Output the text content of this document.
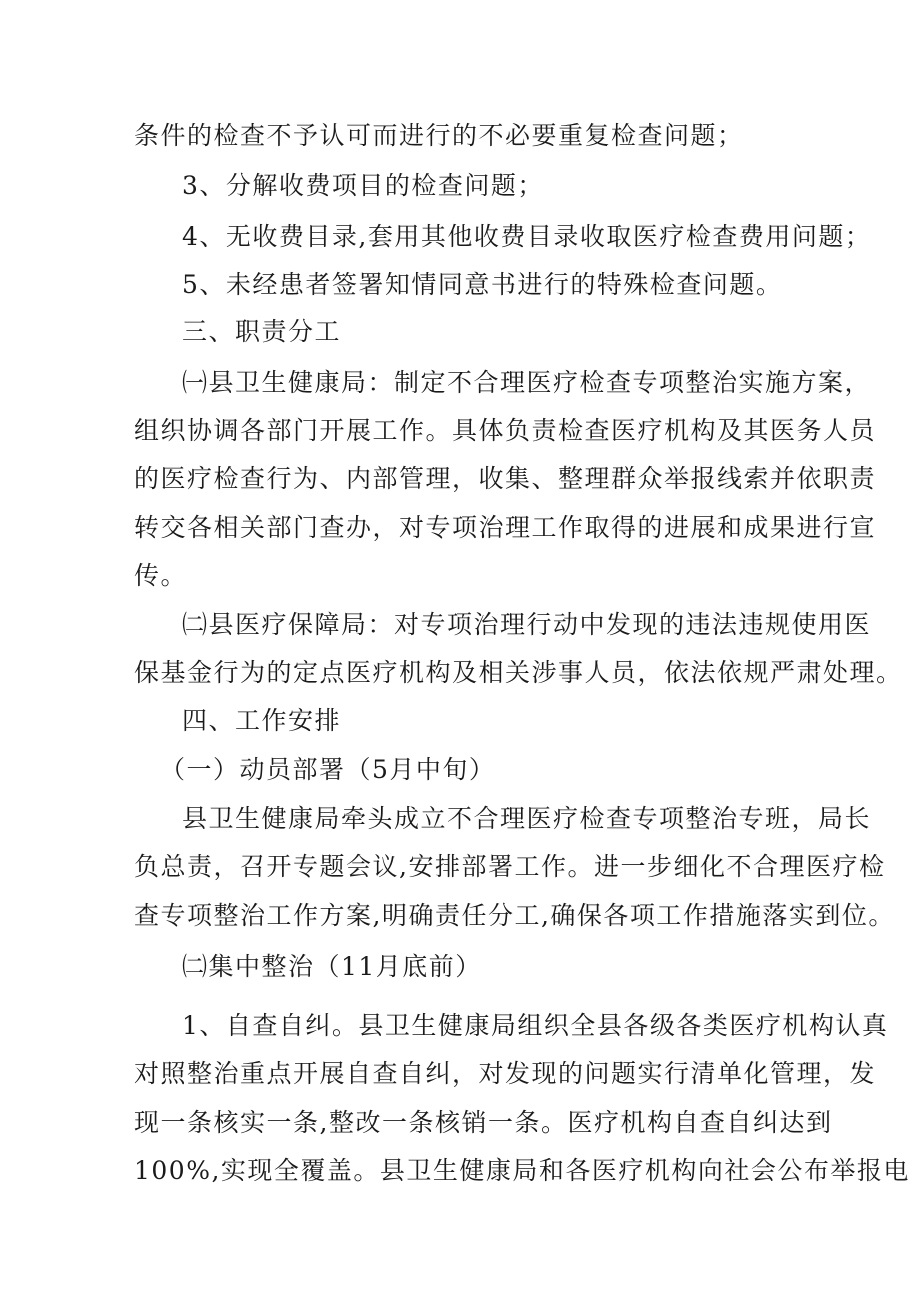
条件的检查不予认可而进行的不必要重复检查问题；
3、分解收费项目的检查问题；
4、无收费目录,套用其他收费目录收取医疗检查费用问题；
5、未经患者签署知情同意书进行的特殊检查问题。
三、职责分工
㈠县卫生健康局：制定不合理医疗检查专项整治实施方案，
组织协调各部门开展工作。具体负责检查医疗机构及其医务人员
的医疗检查行为、内部管理，收集、整理群众举报线索并依职责
转交各相关部门查办，对专项治理工作取得的进展和成果进行宣
传。
㈡县医疗保障局：对专项治理行动中发现的违法违规使用医
保基金行为的定点医疗机构及相关涉事人员，依法依规严肃处理。
四、工作安排
（一）动员部署（5月中旬）
县卫生健康局牵头成立不合理医疗检查专项整治专班，局长
负总责，召开专题会议,安排部署工作。进一步细化不合理医疗检
查专项整治工作方案,明确责任分工,确保各项工作措施落实到位。
㈡集中整治（11月底前）
1、自查自纠。县卫生健康局组织全县各级各类医疗机构认真
对照整治重点开展自查自纠，对发现的问题实行清单化管理，发
现一条核实一条,整改一条核销一条。医疗机构自查自纠达到
100%,实现全覆盖。县卫生健康局和各医疗机构向社会公布举报电
